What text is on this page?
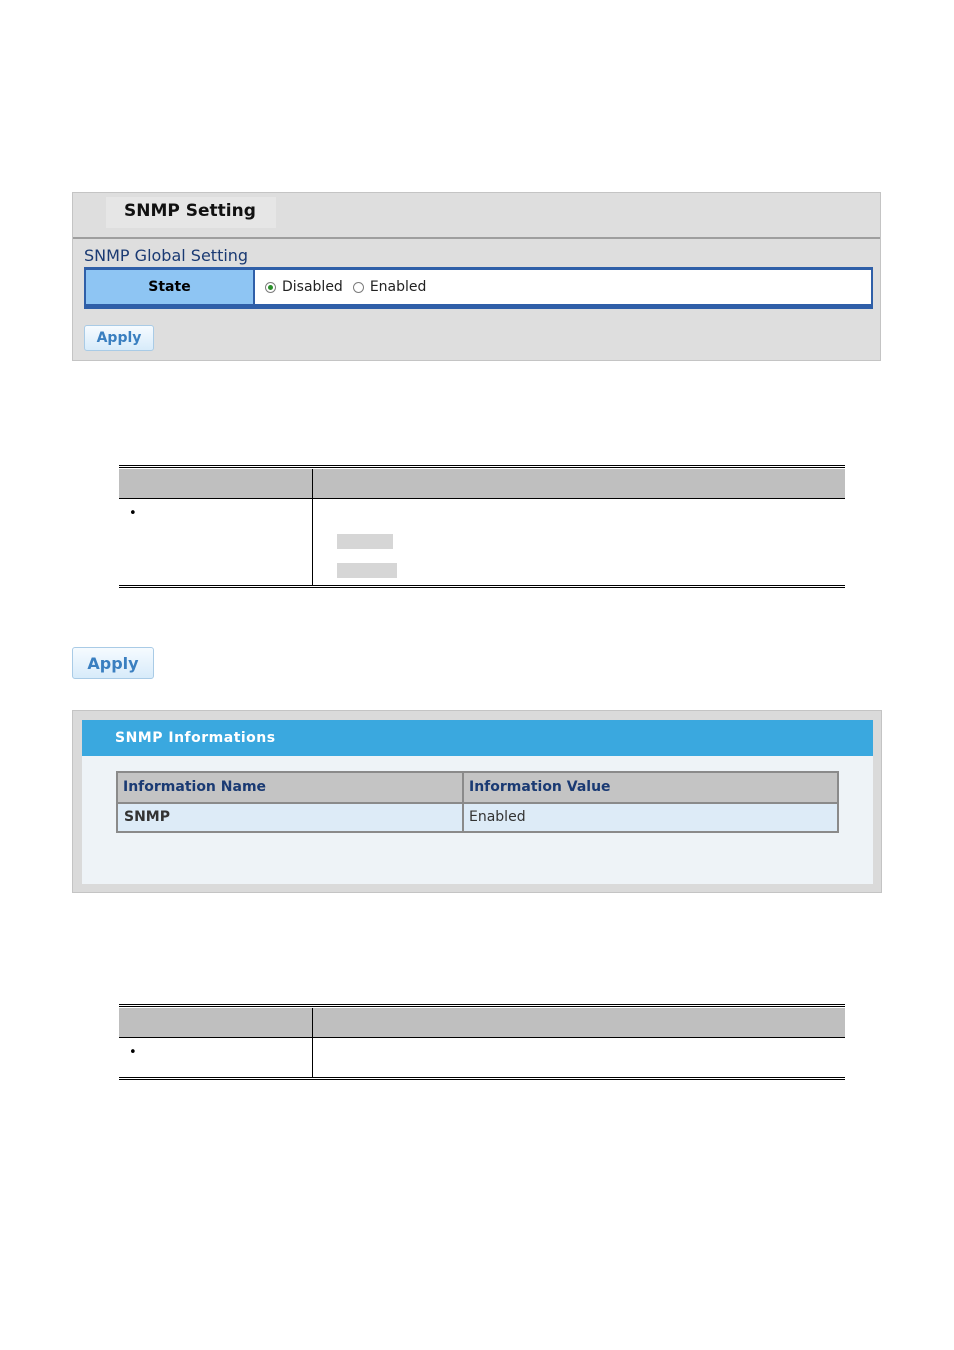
SNMP Setting
SNMP Global Setting
State	Disabled Enabled
Apply
•
Apply
SNMP Informations
Information Name	Information Value
SNMP	Enabled
•
